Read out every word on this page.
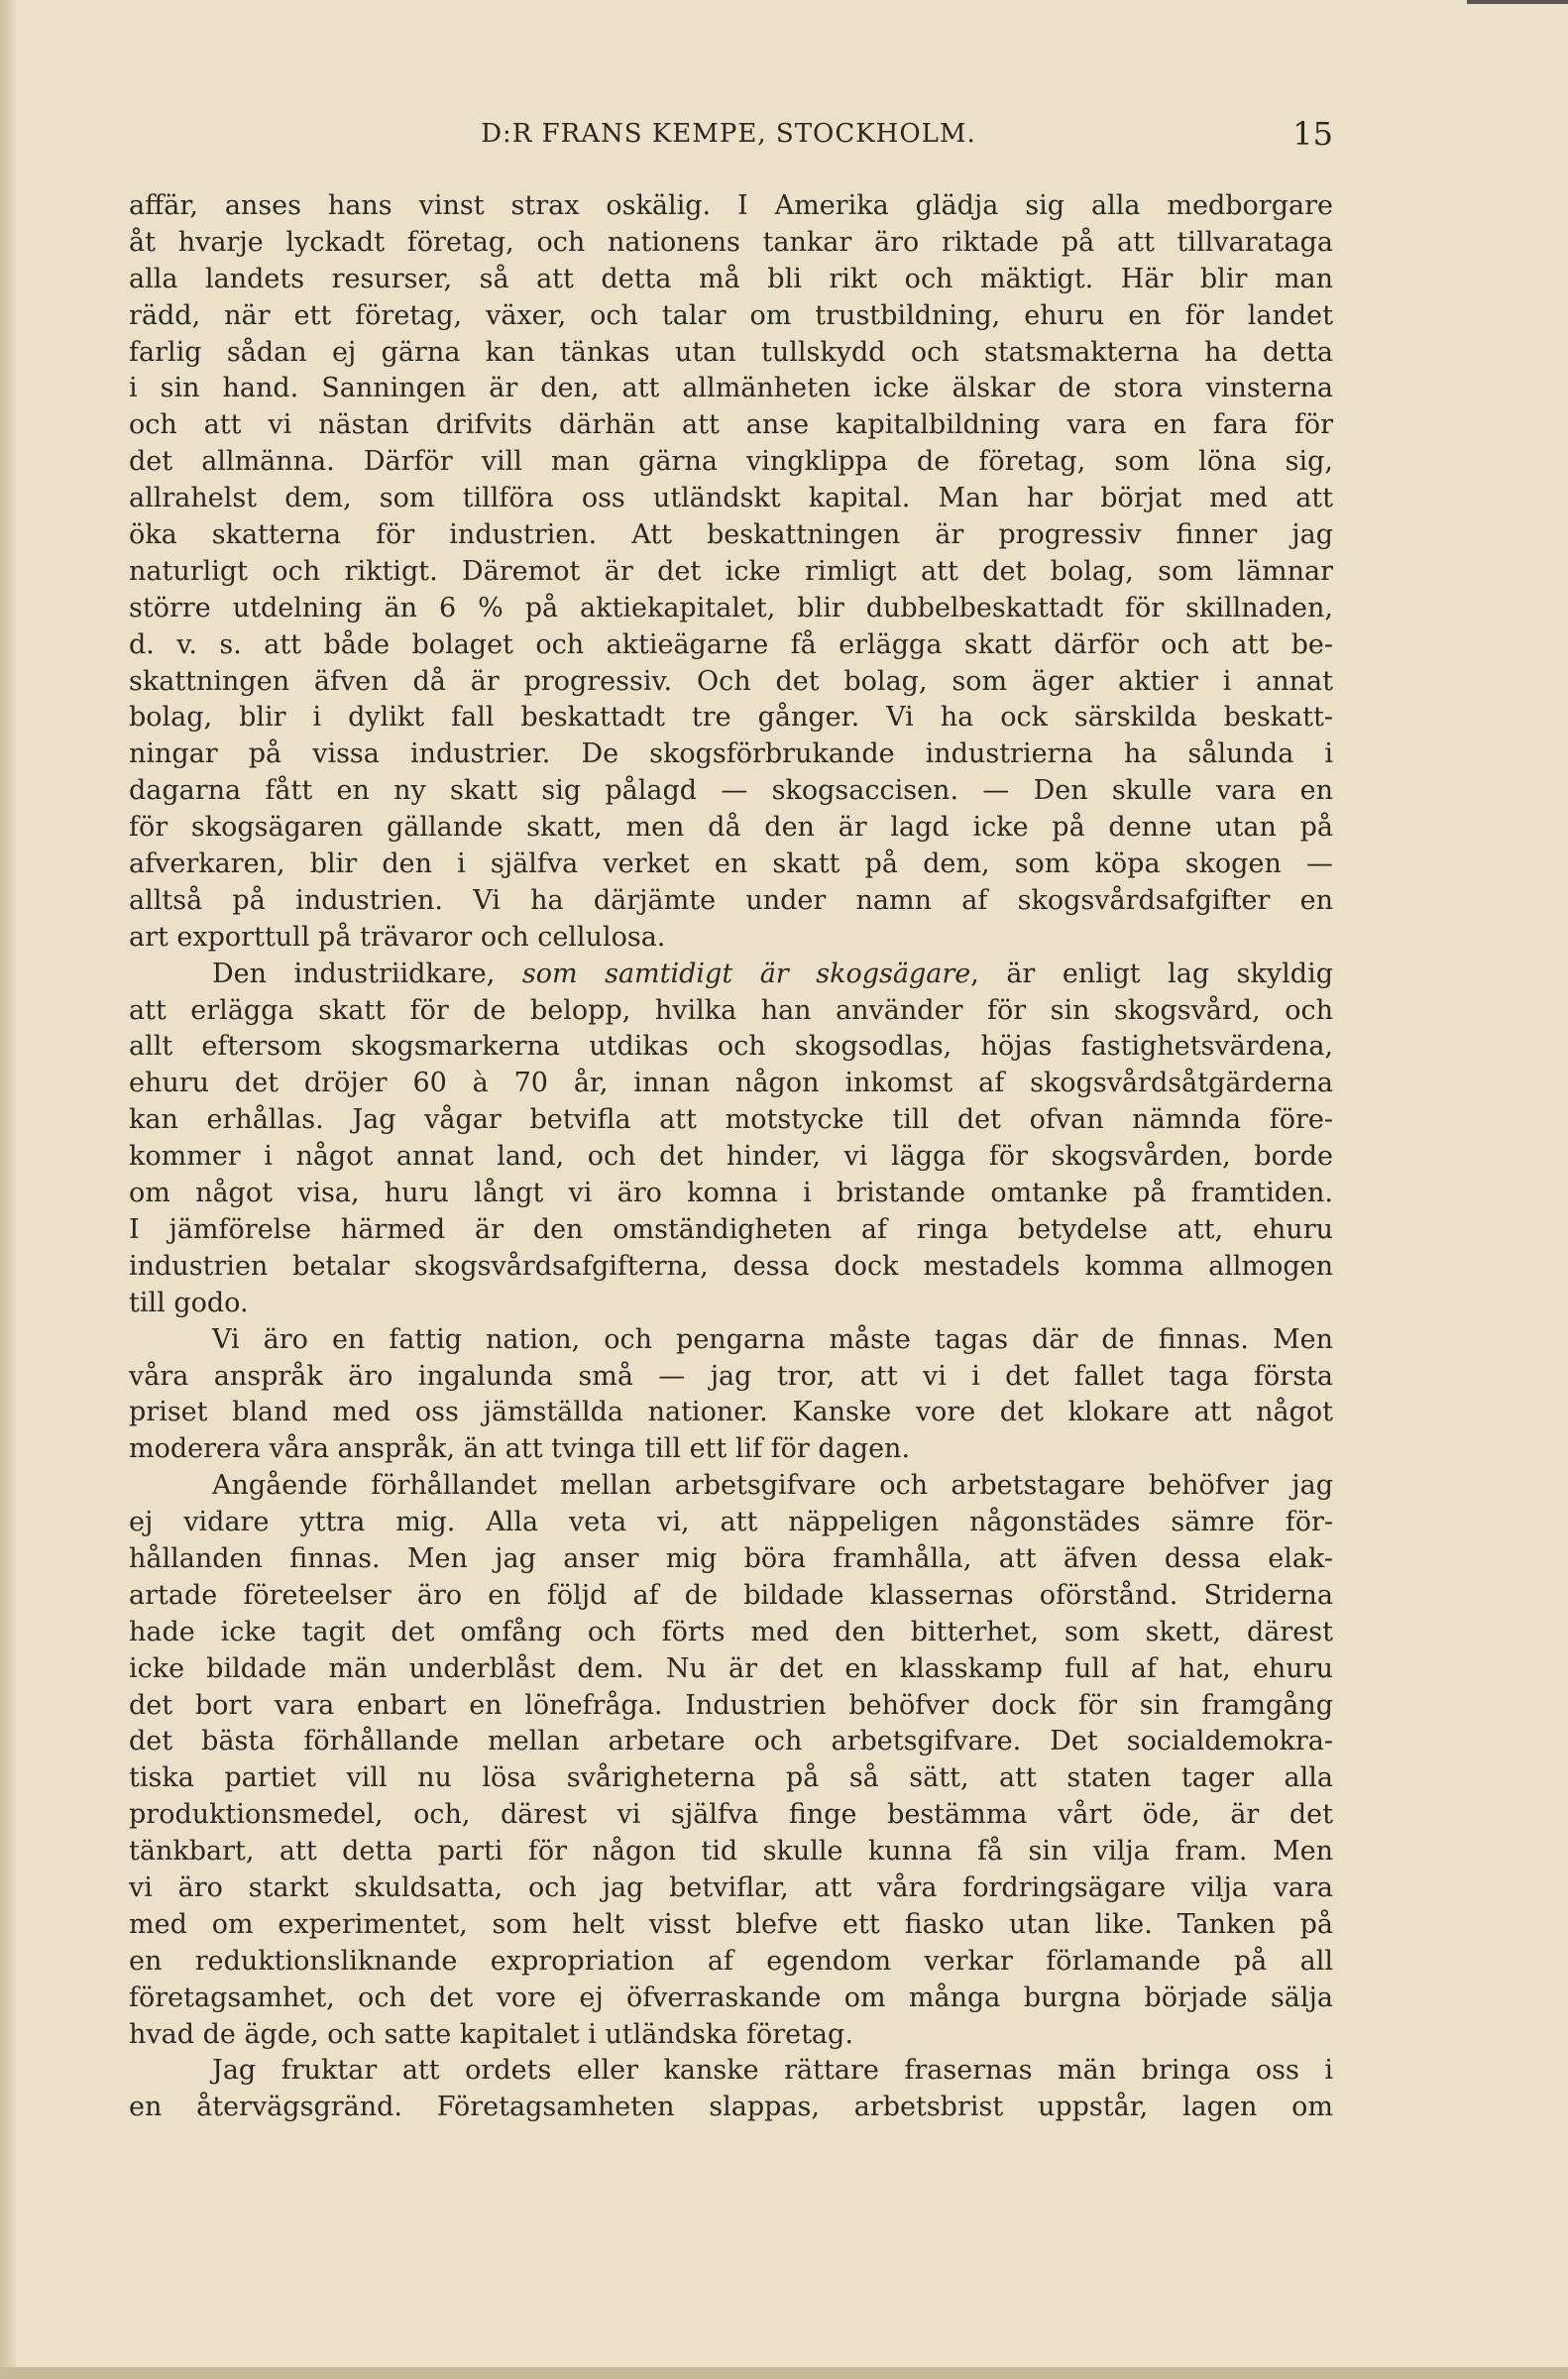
D:R FRANS KEMPE, STOCKHOLM.	15
affär, anses hans vinst strax oskälig. I Amerika glädja sig alla medborgare
åt hvarje lyckadt företag, och nationens tankar äro riktade på att tillvaratagа
alla landets resurser, så att detta må bli rikt och mäktigt. Här blir man
rädd, när ett företag, växer, och talar om trustbildning, ehuru en för landet
farlig sådan ej gärna kan tänkas utan tullskydd och statsmakterna ha detta
i sin hand. Sanningen är den, att allmänheten icke älskar de stora vinsterna
och att vi nästan drifvits därhän att anse kapitalbildning vara en fara för
det allmänna. Därför vill man gärna vingklippa de företag, som löna sig,
allrahelst dem, som tillföra oss utländskt kapital. Man har börjat med att
öka skatterna för industrien. Att beskattningen är progressiv finner jag
naturligt och riktigt. Däremot är det icke rimligt att det bolag, som lämnar
större utdelning än 6 % på aktiekapitalet, blir dubbelbeskattadt för skillnaden,
d. v. s. att både bolaget och aktieägarne få erlägga skatt därför och att be-
skattningen äfven då är progressiv. Och det bolag, som äger aktier i annat
bolag, blir i dylikt fall beskattadt tre gånger. Vi ha ock särskilda beskatt-
ningar på vissa industrier. De skogsförbrukande industrierna ha sålunda i
dagarna fått en ny skatt sig pålagd — skogsaccisen. — Den skulle vara en
för skogsägaren gällande skatt, men då den är lagd icke på denne utan på
afverkaren, blir den i själfva verket en skatt på dem, som köpa skogen —
alltså på industrien. Vi ha därjämte under namn af skogsvårdsafgifter en
art exporttull på trävaror och cellulosa.
Den industriidkare, som samtidigt är skogsägare, är enligt lag skyldig
att erlägga skatt för de belopp, hvilka han använder för sin skogsvård, och
allt eftersom skogsmarkerna utdikas och skogsodlas, höjas fastighetsvärdena,
ehuru det dröjer 60 à 70 år, innan någon inkomst af skogsvårdsåtgärderna
kan erhållas. Jag vågar betvifla att motstycke till det ofvan nämnda före-
kommer i något annat land, och det hinder, vi lägga för skogsvården, borde
om något visa, huru långt vi äro komna i bristande omtanke på framtiden.
I jämförelse härmed är den omständigheten af ringa betydelse att, ehuru
industrien betalar skogsvårdsafgifterna, dessa dock mestadels komma allmogen
till godo.
Vi äro en fattig nation, och pengarna måste tagas där de finnas. Men
våra anspråk äro ingalunda små — jag tror, att vi i det fallet taga första
priset bland med oss jämställda nationer. Kanske vore det klokare att något
moderera våra anspråk, än att tvinga till ett lif för dagen.
Angående förhållandet mellan arbetsgifvare och arbetstagare behöfver jag
ej vidare yttra mig. Alla veta vi, att näppeligen någonstädes sämre för-
hållanden finnas. Men jag anser mig böra framhålla, att äfven dessa elak-
artade företeelser äro en följd af de bildade klassernas oförstånd. Striderna
hade icke tagit det omfång och förts med den bitterhet, som skett, därest
icke bildade män underblåst dem. Nu är det en klasskamp full af hat, ehuru
det bort vara enbart en lönefråga. Industrien behöfver dock för sin framgång
det bästa förhållande mellan arbetare och arbetsgifvare. Det socialdemokra-
tiska partiet vill nu lösa svårigheterna på så sätt, att staten tager alla
produktionsmedel, och, därest vi själfva finge bestämma vårt öde, är det
tänkbart, att detta parti för någon tid skulle kunna få sin vilja fram. Men
vi äro starkt skuldsatta, och jag betviflar, att våra fordringsägare vilja vara
med om experimentet, som helt visst blefve ett fiasko utan like. Tanken på
en reduktionsliknande expropriation af egendom verkar förlamande på all
företagsamhet, och det vore ej öfverraskande om många burgna började sälja
hvad de ägde, och satte kapitalet i utländska företag.
Jag fruktar att ordets eller kanske rättare frasernas män bringa oss i
en återvägsgränd. Företagsamheten slappas, arbetsbrist uppstår, lagen om
